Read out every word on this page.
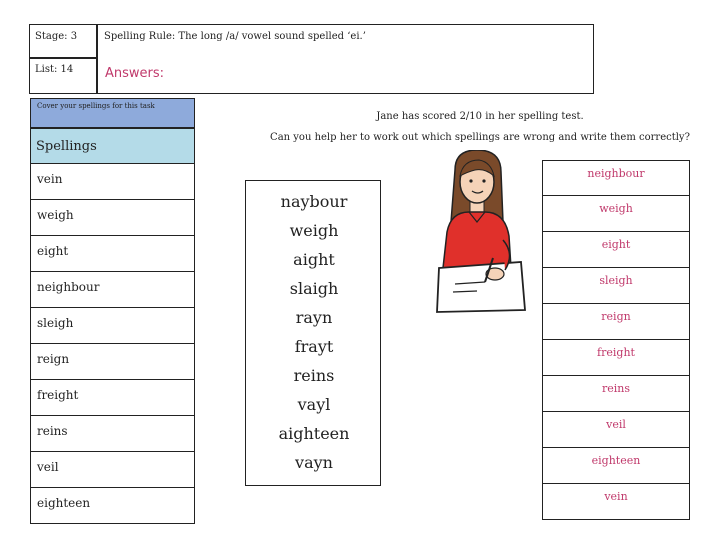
Stage: 3	Spelling Rule: The long /a/ vowel sound spelled ‘ei.’
List: 14 Answers:
Cover your spellings for this task
Spellings
vein
weigh
eight
neighbour
sleigh
reign
freight
reins
veil
eighteen
Jane has scored 2/10 in her spelling test.
Can you help her to work out which spellings are wrong and write them correctly?
naybour
weigh
aight
slaigh
rayn
frayt
reins
vayl
aighteen
vayn
neighbour
weigh
eight
sleigh
reign
freight
reins
veil
eighteen
vein
